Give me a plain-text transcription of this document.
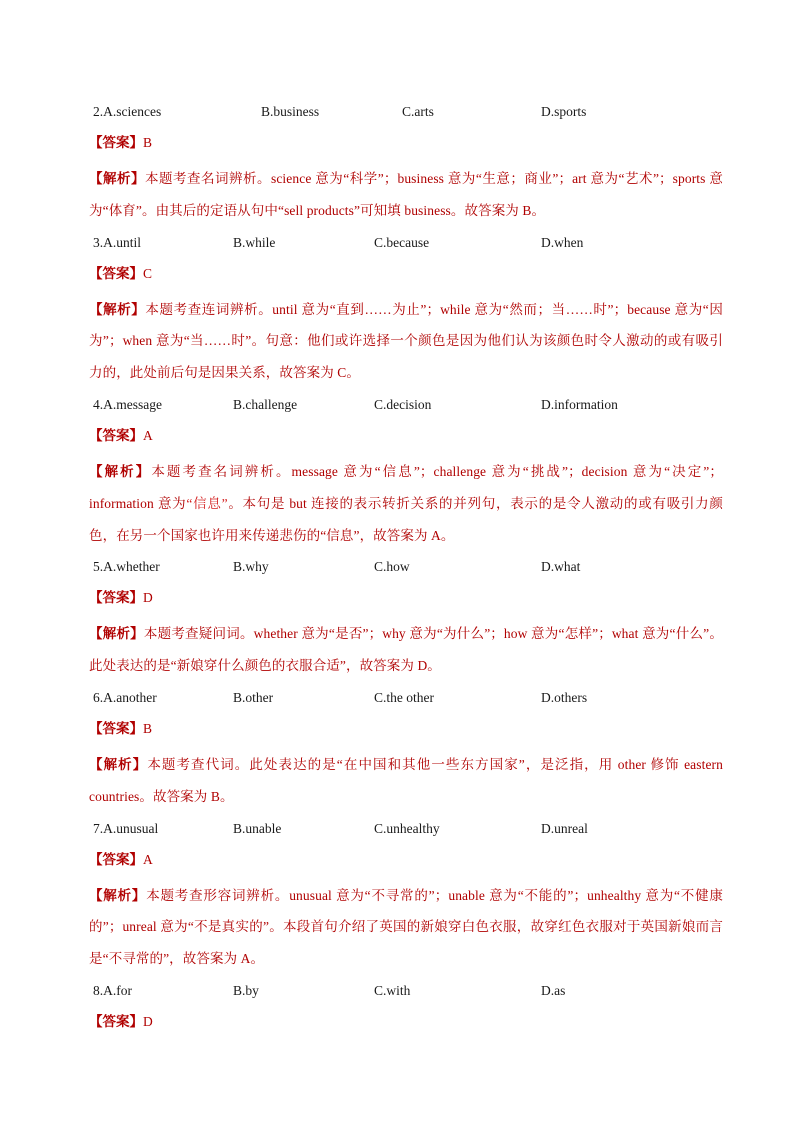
2.A.sciences	B.business	C.arts	D.sports
【答案】B
【解析】本题考查名词辨析。science 意为“科学”；business 意为“生意；商业”；art 意为“艺术”；sports 意为“体育”。由其后的定语从句中“sell products”可知填 business。故答案为 B。
3.A.until	B.while	C.because	D.when
【答案】C
【解析】本题考查连词辨析。until 意为“直到……为止”；while 意为“然而；当……时”；because 意为“因为”；when 意为“当……时”。句意：他们或许选择一个颜色是因为他们认为该颜色时令人激动的或有吸引力的，此处前后句是因果关系，故答案为 C。
4.A.message	B.challenge	C.decision	D.information
【答案】A
【解析】本题考查名词辨析。message 意为“信息”；challenge 意为“挑战”；decision 意为“决定”；information 意为“信息”。本句是 but 连接的表示转折关系的并列句，表示的是令人激动的或有吸引力颜色，在另一个国家也许用来传递悲伤的“信息”，故答案为 A。
5.A.whether	B.why	C.how	D.what
【答案】D
【解析】本题考查疑问词。whether 意为“是否”；why 意为“为什么”；how 意为“怎样”；what 意为“什么”。此处表达的是“新娘穿什么颜色的衣服合适”，故答案为 D。
6.A.another	B.other	C.the other	D.others
【答案】B
【解析】本题考查代词。此处表达的是“在中国和其他一些东方国家”，是泛指，用 other 修饰 eastern countries。故答案为 B。
7.A.unusual	B.unable	C.unhealthy	D.unreal
【答案】A
【解析】本题考查形容词辨析。unusual 意为“不寻常的”；unable 意为“不能的”；unhealthy 意为“不健康的”；unreal 意为“不是真实的”。本段首句介绍了英国的新娘穿白色衣服，故穿红色衣服对于英国新娘而言是“不寻常的”，故答案为 A。
8.A.for	B.by	C.with	D.as
【答案】D
